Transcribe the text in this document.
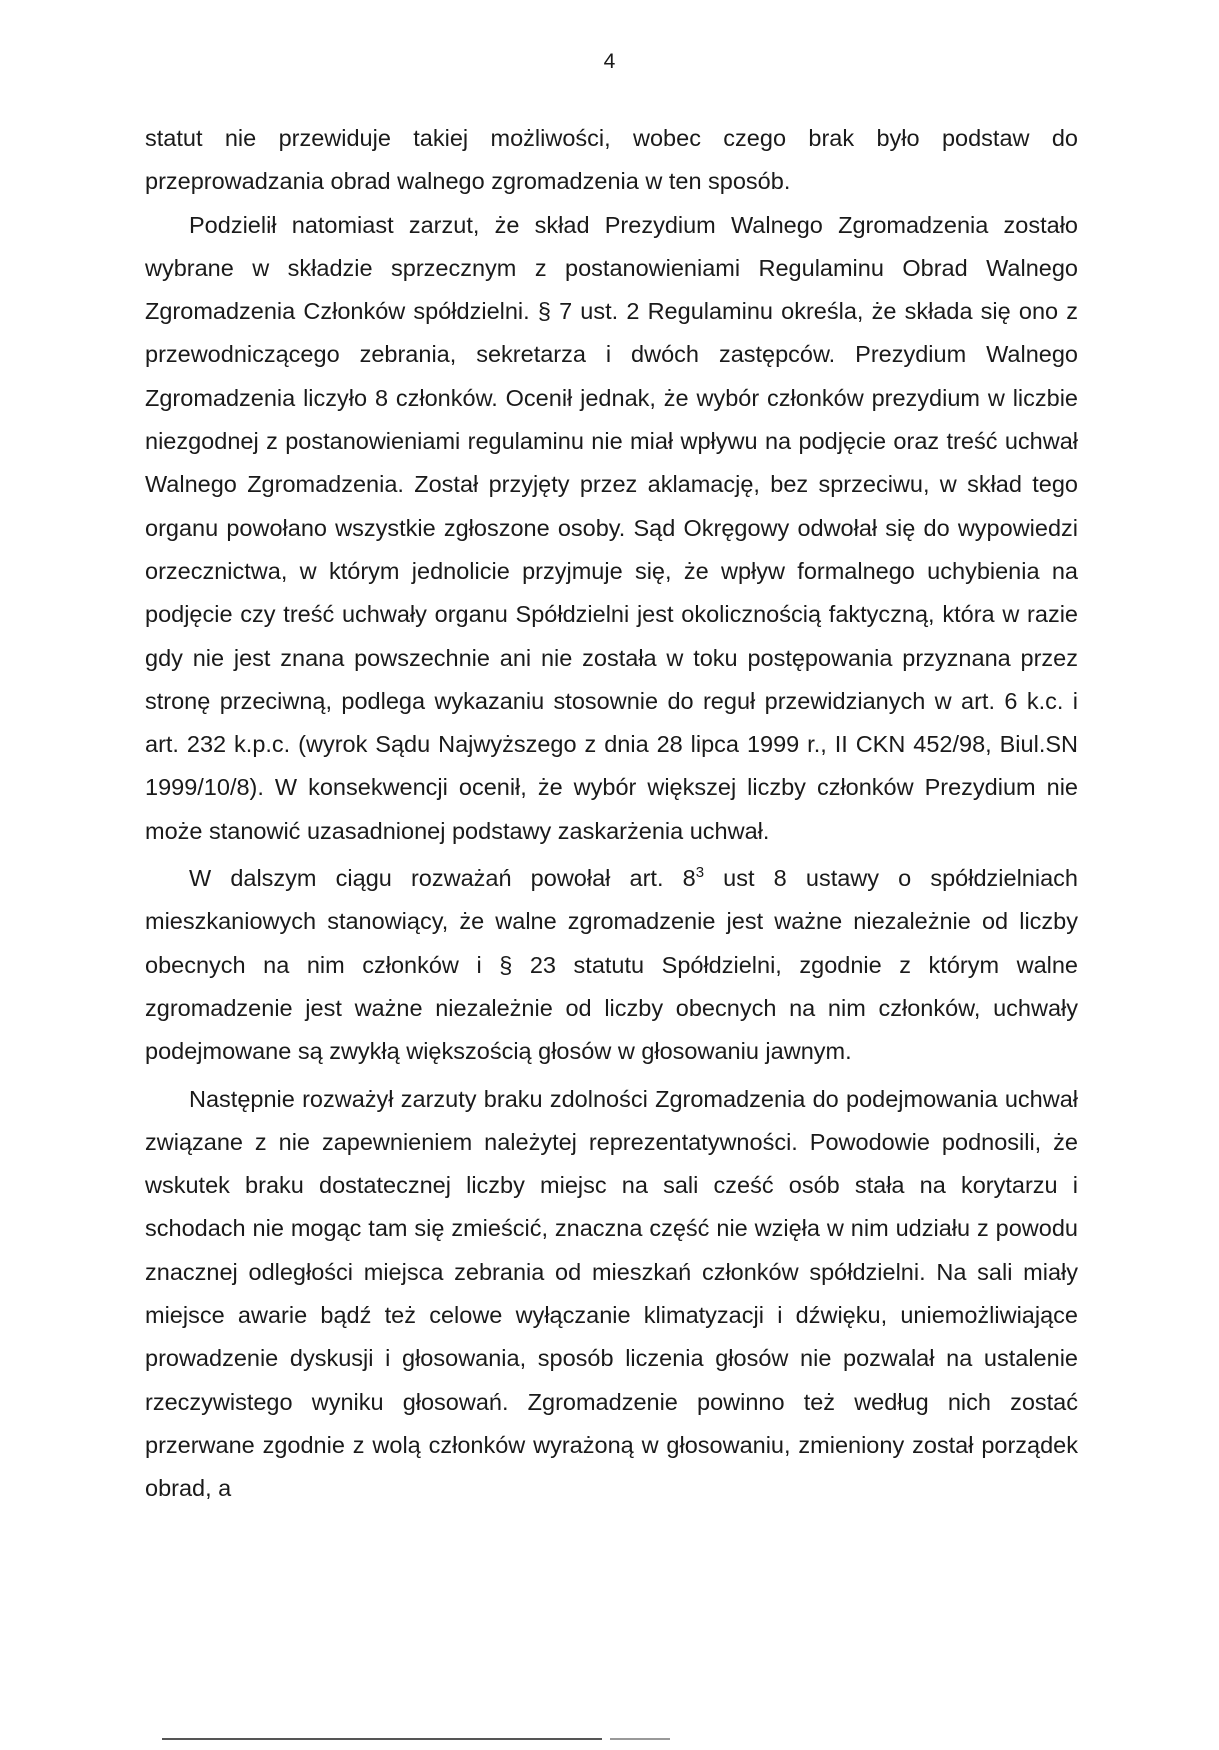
4

statut nie przewiduje takiej możliwości, wobec czego brak było podstaw do przeprowadzania obrad walnego zgromadzenia w ten sposób.

Podzielił natomiast zarzut, że skład Prezydium Walnego Zgromadzenia zostało wybrane w składzie sprzecznym z postanowieniami Regulaminu Obrad Walnego Zgromadzenia Członków spółdzielni. § 7 ust. 2 Regulaminu określa, że składa się ono z przewodniczącego zebrania, sekretarza i dwóch zastępców. Prezydium Walnego Zgromadzenia liczyło 8 członków. Ocenił jednak, że wybór członków prezydium w liczbie niezgodnej z postanowieniami regulaminu nie miał wpływu na podjęcie oraz treść uchwał Walnego Zgromadzenia. Został przyjęty przez aklamację, bez sprzeciwu, w skład tego organu powołano wszystkie zgłoszone osoby. Sąd Okręgowy odwołał się do wypowiedzi orzecznictwa, w którym jednolicie przyjmuje się, że wpływ formalnego uchybienia na podjęcie czy treść uchwały organu Spółdzielni jest okolicznością faktyczną, która w razie gdy nie jest znana powszechnie ani nie została w toku postępowania przyznana przez stronę przeciwną, podlega wykazaniu stosownie do reguł przewidzianych w art. 6 k.c. i art. 232 k.p.c. (wyrok Sądu Najwyższego z dnia 28 lipca 1999 r., II CKN 452/98, Biul.SN 1999/10/8). W konsekwencji ocenił, że wybór większej liczby członków Prezydium nie może stanowić uzasadnionej podstawy zaskarżenia uchwał.

W dalszym ciągu rozważań powołał art. $8^3$ ust 8 ustawy o spółdzielniach mieszkaniowych stanowiący, że walne zgromadzenie jest ważne niezależnie od liczby obecnych na nim członków i § 23 statutu Spółdzielni, zgodnie z którym walne zgromadzenie jest ważne niezależnie od liczby obecnych na nim członków, uchwały podejmowane są zwykłą większością głosów w głosowaniu jawnym.

Następnie rozważył zarzuty braku zdolności Zgromadzenia do podejmowania uchwał związane z nie zapewnieniem należytej reprezentatywności. Powodowie podnosili, że wskutek braku dostatecznej liczby miejsc na sali cześć osób stała na korytarzu i schodach nie mogąc tam się zmieścić, znaczna część nie wzięła w nim udziału z powodu znacznej odległości miejsca zebrania od mieszkań członków spółdzielni. Na sali miały miejsce awarie bądź też celowe wyłączanie klimatyzacji i dźwięku, uniemożliwiające prowadzenie dyskusji i głosowania, sposób liczenia głosów nie pozwalał na ustalenie rzeczywistego wyniku głosowań. Zgromadzenie powinno też według nich zostać przerwane zgodnie z wolą członków wyrażoną w głosowaniu, zmieniony został porządek obrad, a
